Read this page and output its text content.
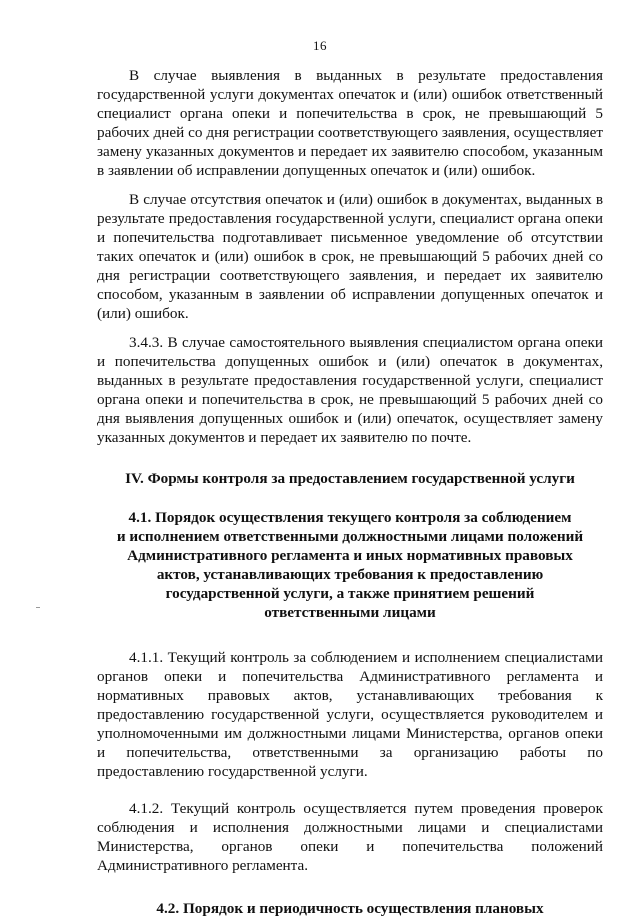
16

В случае выявления в выданных в результате предоставления государственной услуги документах опечаток и (или) ошибок ответственный специалист органа опеки и попечительства в срок, не превышающий 5 рабочих дней со дня регистрации соответствующего заявления, осуществляет замену указанных документов и передает их заявителю способом, указанным в заявлении об исправлении допущенных опечаток и (или) ошибок.

В случае отсутствия опечаток и (или) ошибок в документах, выданных в результате предоставления государственной услуги, специалист органа опеки и попечительства подготавливает письменное уведомление об отсутствии таких опечаток и (или) ошибок в срок, не превышающий 5 рабочих дней со дня регистрации соответствующего заявления, и передает их заявителю способом, указанным в заявлении об исправлении допущенных опечаток и (или) ошибок.

3.4.3. В случае самостоятельного выявления специалистом органа опеки и попечительства допущенных ошибок и (или) опечаток в документах, выданных в результате предоставления государственной услуги, специалист органа опеки и попечительства в срок, не превышающий 5 рабочих дней со дня выявления допущенных ошибок и (или) опечаток, осуществляет замену указанных документов и передает их заявителю по почте.

IV. Формы контроля за предоставлением государственной услуги

4.1. Порядок осуществления текущего контроля за соблюдением
и исполнением ответственными должностными лицами положений
Административного регламента и иных нормативных правовых
актов, устанавливающих требования к предоставлению
государственной услуги, а также принятием решений
ответственными лицами

4.1.1. Текущий контроль за соблюдением и исполнением специалистами органов опеки и попечительства Административного регламента и нормативных правовых актов, устанавливающих требования к предоставлению государственной услуги, осуществляется руководителем и уполномоченными им должностными лицами Министерства, органов опеки и попечительства, ответственными за организацию работы по предоставлению государственной услуги.

4.1.2. Текущий контроль осуществляется путем проведения проверок соблюдения и исполнения должностными лицами и специалистами Министерства, органов опеки и попечительства положений Административного регламента.

4.2. Порядок и периодичность осуществления плановых
